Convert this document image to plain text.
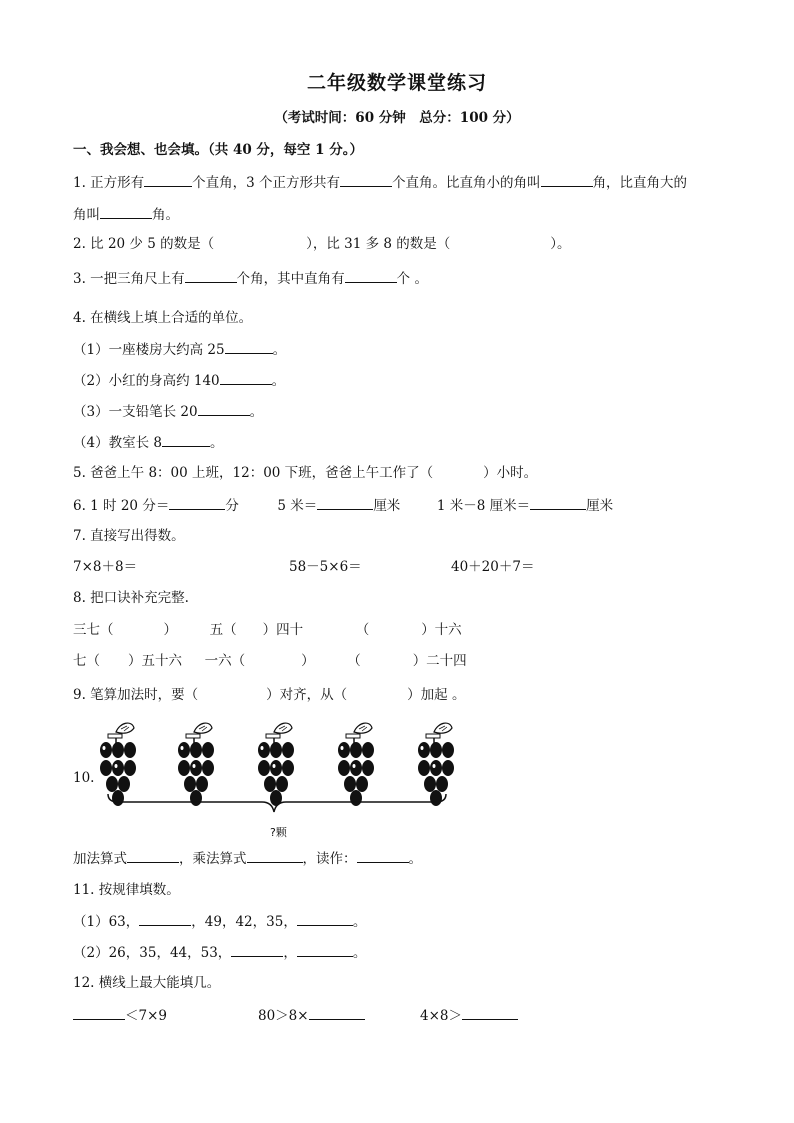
二年级数学课堂练习
（考试时间：60 分钟　总分：100 分）
一、我会想、也会填。（共 40 分，每空 1 分。）
1. 正方形有	个直角，3 个正方形共有	个直角。比直角小的角叫	角，比直角大的
角叫	角。
2. 比 20 少 5 的数是（	），比 31 多 8 的数是（	）。
3. 一把三角尺上有	个角，其中直角有	个 。
4. 在横线上填上合适的单位。
（1）一座楼房大约高 25	。
（2）小红的身高约 140	。
（3）一支铅笔长 20	。
（4）教室长 8	。
5. 爸爸上午 8：00 上班，12：00 下班，爸爸上午工作了（	）小时。
6. 1 时 20 分＝	分	5 米＝	厘米	1 米－8 厘米＝	厘米
7. 直接写出得数。
7×8＋8＝	58－5×6＝	40＋20＋7＝
8. 把口诀补充完整.
三七（	） 五（ ）四十	（	）十六
七（ ）五十六 一六（	） （	）二十四
9. 笔算加法时，要（	）对齐，从（	）加起 。
10.
?颗
加法算式	，乘法算式	，读作：	。
11. 按规律填数。
（1）63，	，49，42，35，	。
（2）26，35，44，53，	，	。
12. 横线上最大能填几。
＜7×9	80＞8×	4×8＞
